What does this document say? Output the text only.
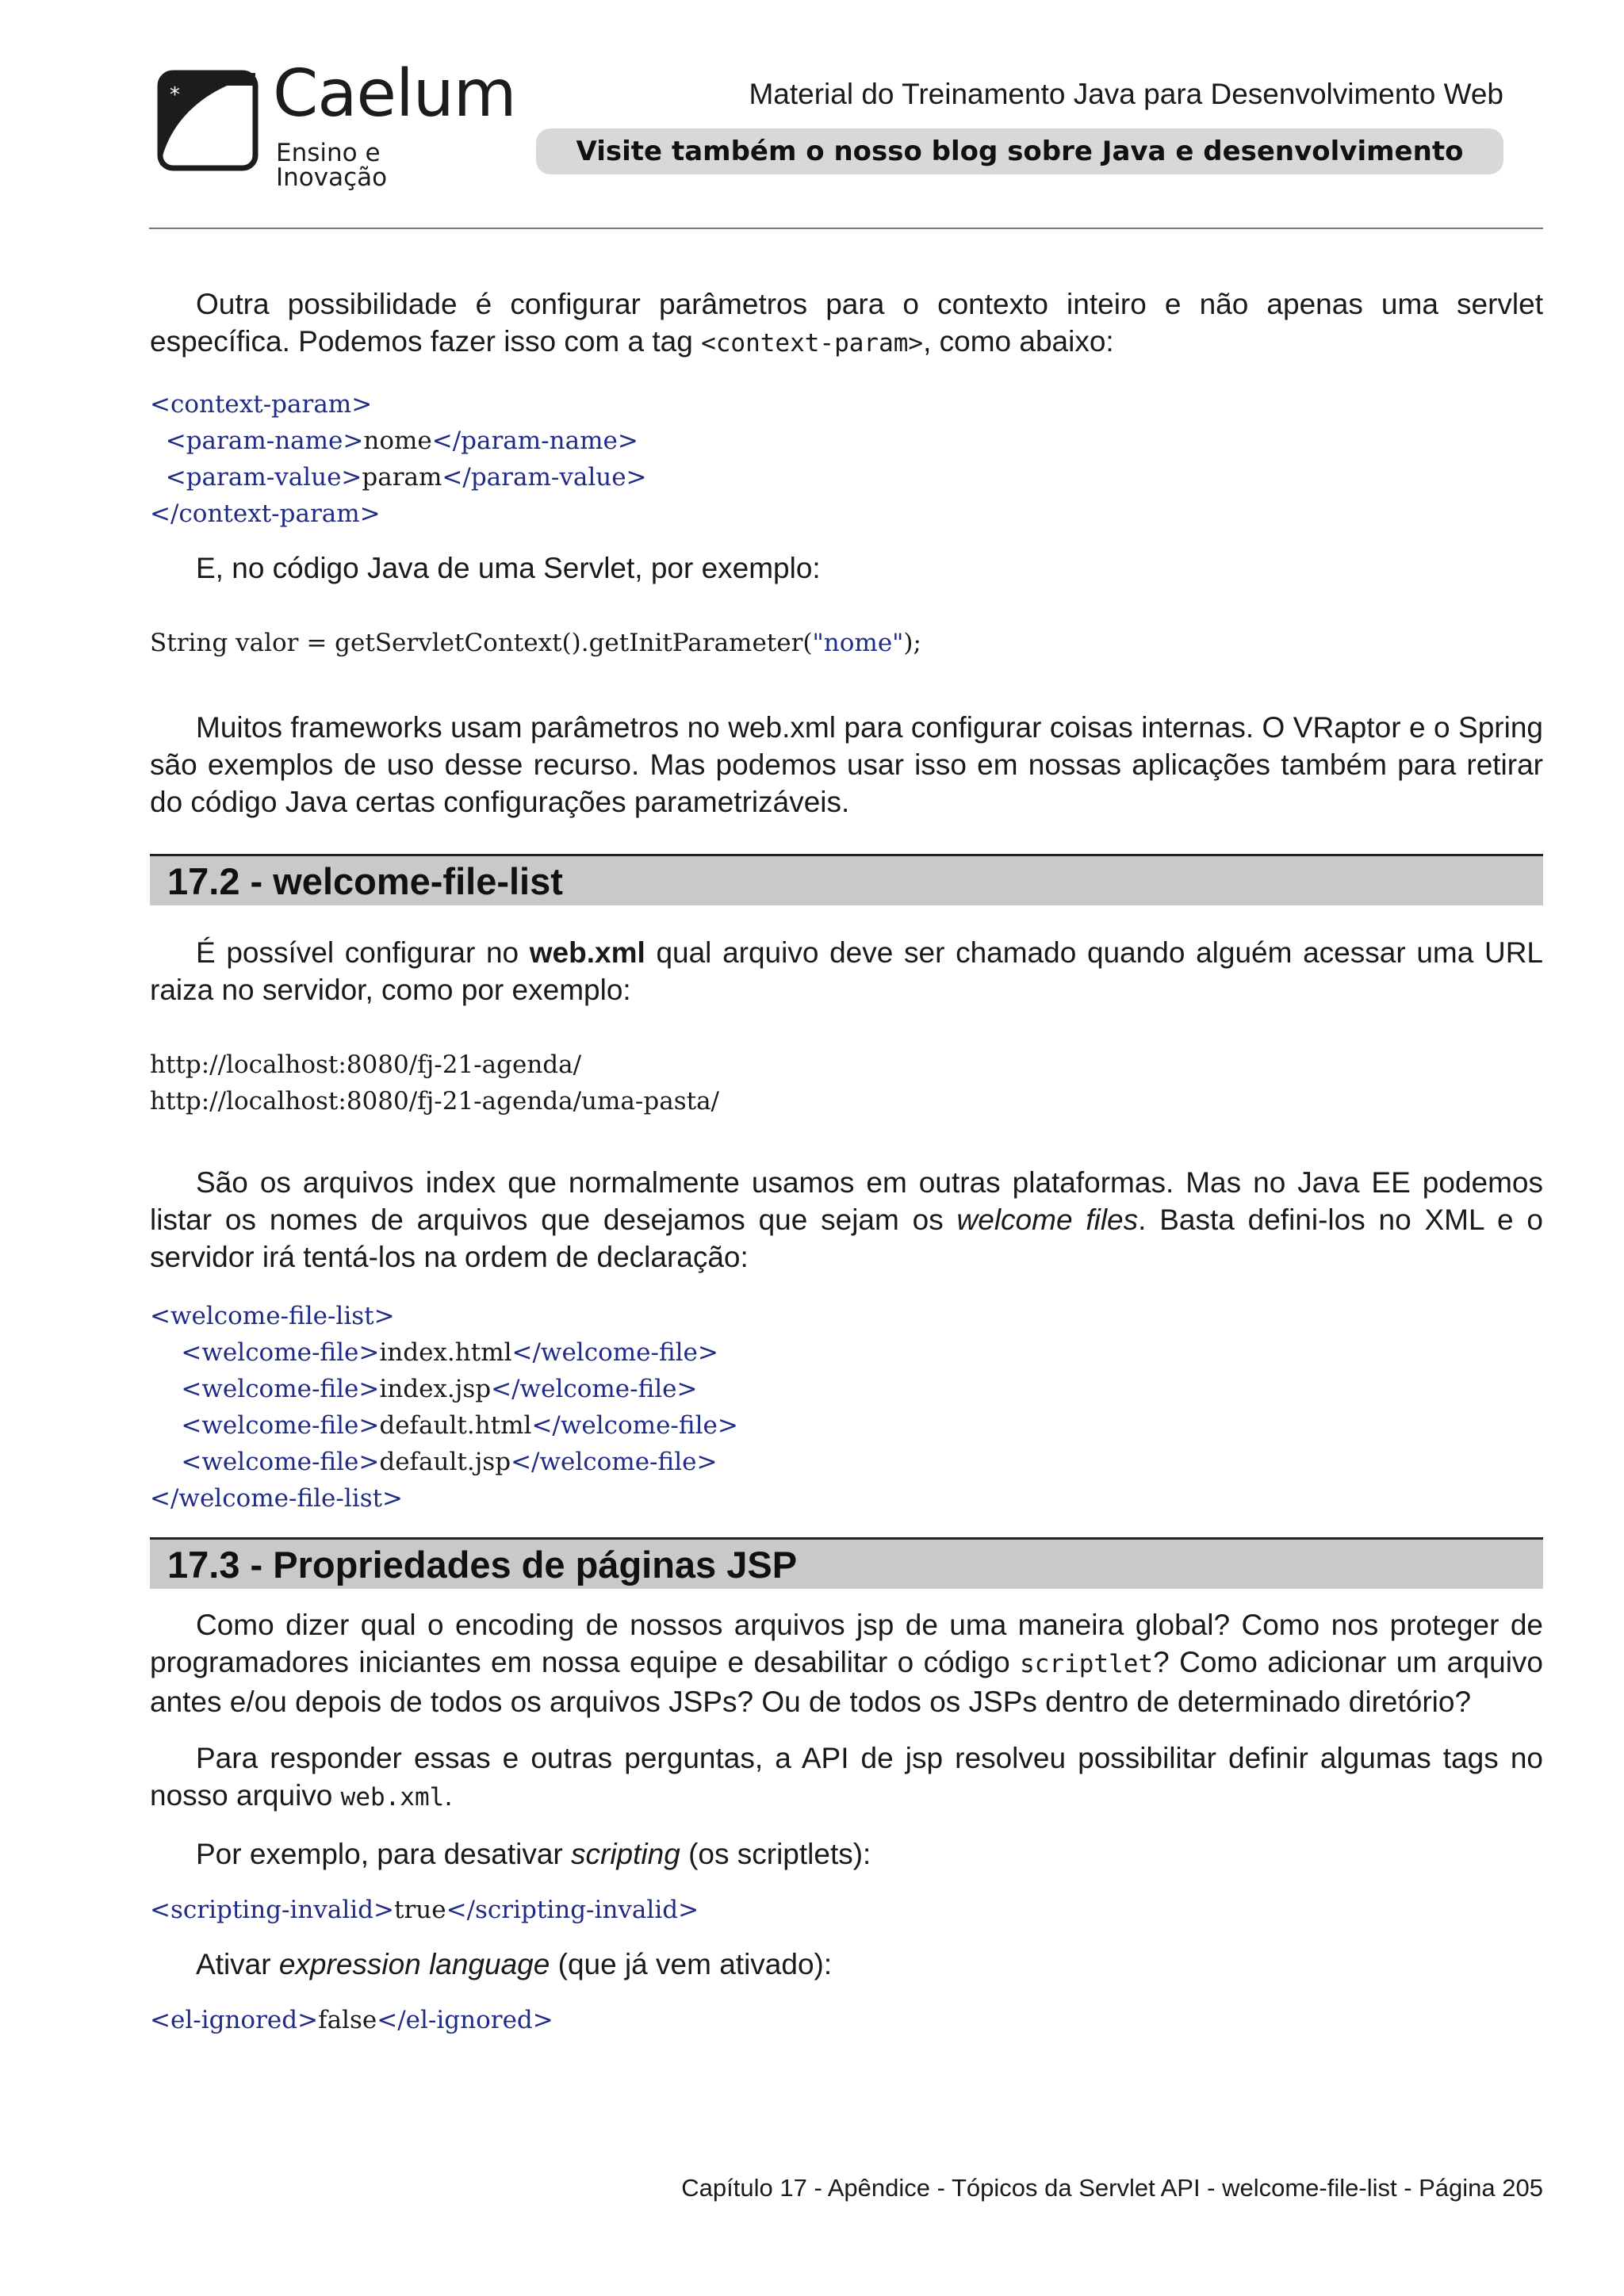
* Caelum
Ensino e Inovação
Material do Treinamento Java para Desenvolvimento Web
Visite também o nosso blog sobre Java e desenvolvimento

Outra possibilidade é configurar parâmetros para o contexto inteiro e não apenas uma servlet específica. Podemos fazer isso com a tag <context-param>, como abaixo:

<context-param>
<param-name>nome</param-name>
<param-value>param</param-value>
</context-param>

E, no código Java de uma Servlet, por exemplo:

String valor = getServletContext().getInitParameter("nome");

Muitos frameworks usam parâmetros no web.xml para configurar coisas internas. O VRaptor e o Spring são exemplos de uso desse recurso. Mas podemos usar isso em nossas aplicações também para retirar do código Java certas configurações parametrizáveis.

17.2 - welcome-file-list

É possível configurar no web.xml qual arquivo deve ser chamado quando alguém acessar uma URL raiza no servidor, como por exemplo:

http://localhost:8080/fj-21-agenda/
http://localhost:8080/fj-21-agenda/uma-pasta/

São os arquivos index que normalmente usamos em outras plataformas. Mas no Java EE podemos listar os nomes de arquivos que desejamos que sejam os welcome files. Basta defini-los no XML e o servidor irá tentá-los na ordem de declaração:

<welcome-file-list>
<welcome-file>index.html</welcome-file>
<welcome-file>index.jsp</welcome-file>
<welcome-file>default.html</welcome-file>
<welcome-file>default.jsp</welcome-file>
</welcome-file-list>
17.3 - Propriedades de páginas JSP

Como dizer qual o encoding de nossos arquivos jsp de uma maneira global? Como nos proteger de programadores iniciantes em nossa equipe e desabilitar o código scriptlet? Como adicionar um arquivo antes e/ou depois de todos os arquivos JSPs? Ou de todos os JSPs dentro de determinado diretório?

Para responder essas e outras perguntas, a API de jsp resolveu possibilitar definir algumas tags no nosso arquivo web.xml.

Por exemplo, para desativar scripting (os scriptlets):

<scripting-invalid>true</scripting-invalid>

Ativar expression language (que já vem ativado):

<el-ignored>false</el-ignored>
Capítulo 17 - Apêndice - Tópicos da Servlet API - welcome-file-list - Página 205
